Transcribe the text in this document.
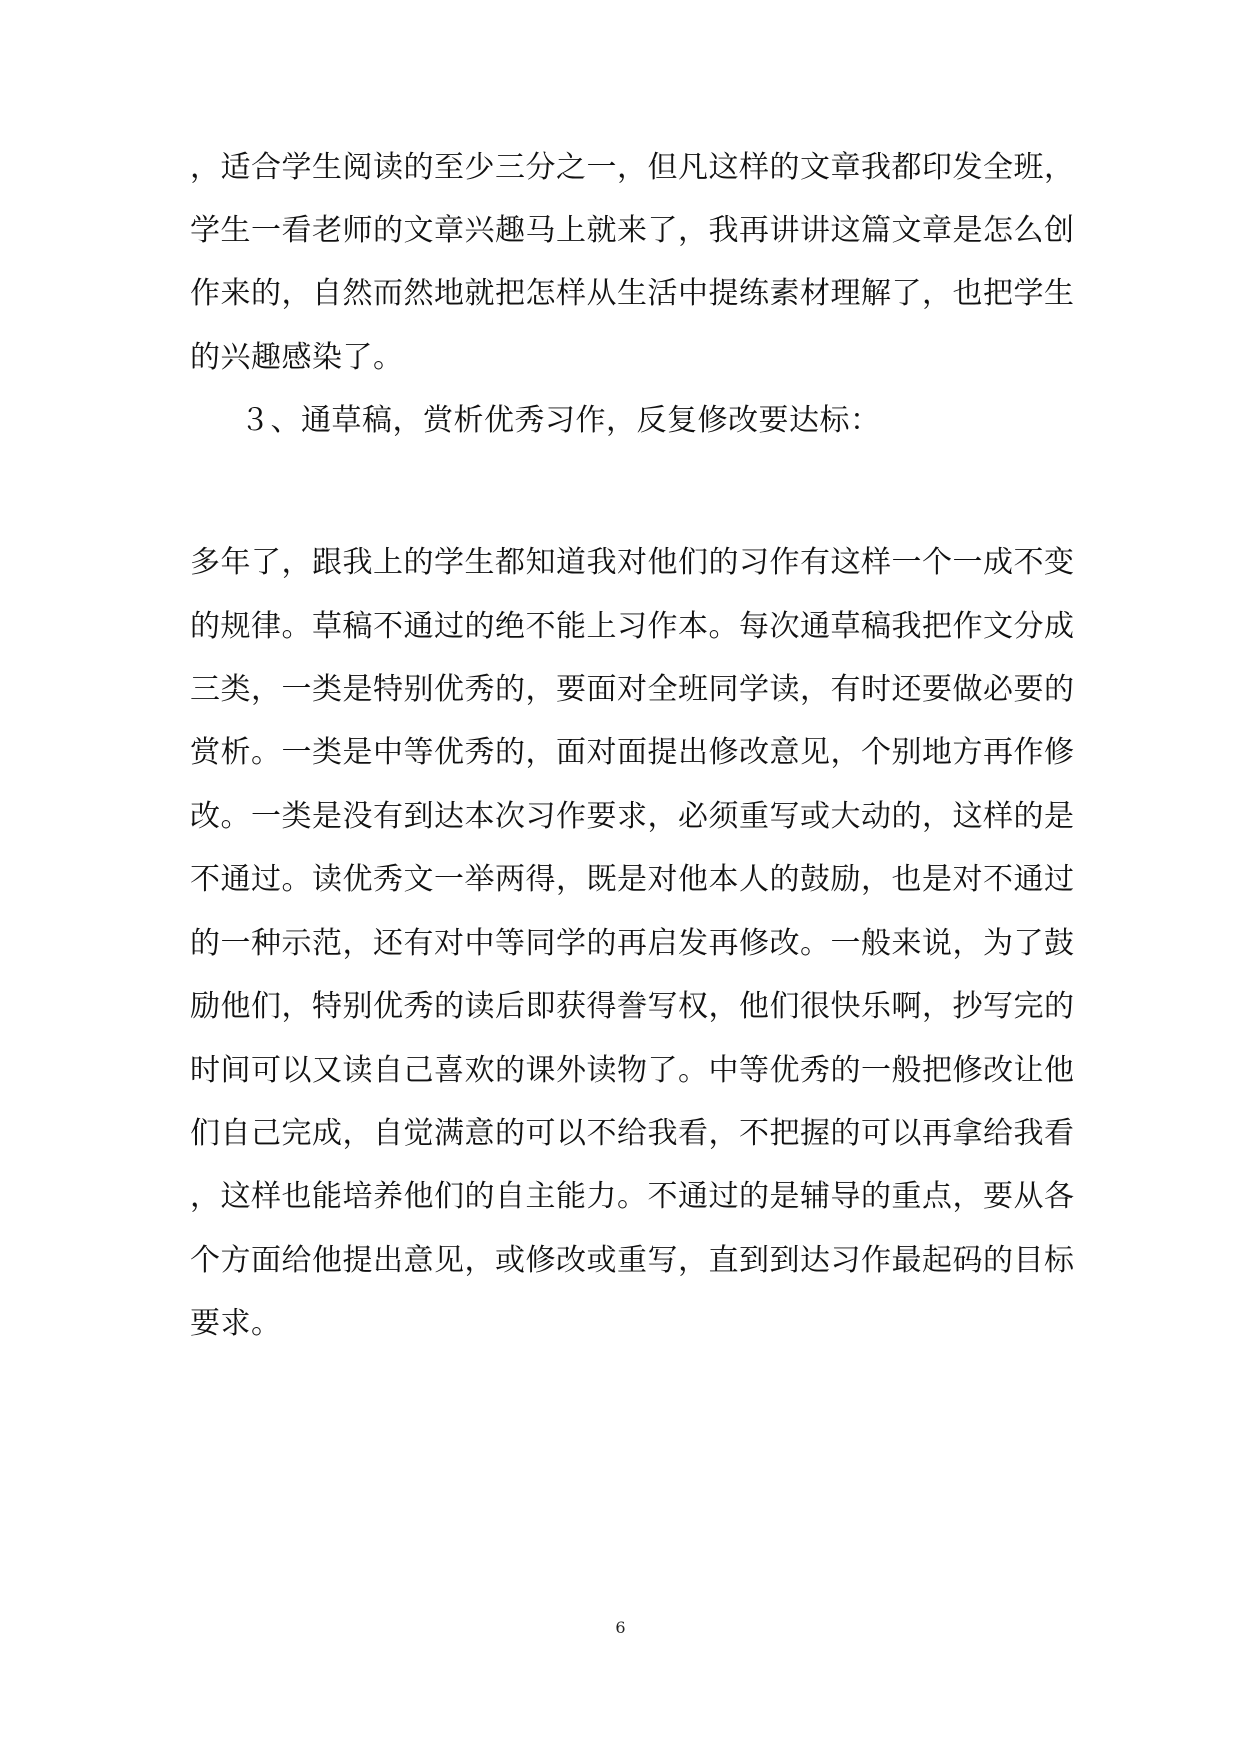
，适合学生阅读的至少三分之一，但凡这样的文章我都印发全班，
学生一看老师的文章兴趣马上就来了，我再讲讲这篇文章是怎么创
作来的，自然而然地就把怎样从生活中提练素材理解了，也把学生
的兴趣感染了。
３、通草稿，赏析优秀习作，反复修改要达标：
多年了，跟我上的学生都知道我对他们的习作有这样一个一成不变
的规律。草稿不通过的绝不能上习作本。每次通草稿我把作文分成
三类，一类是特别优秀的，要面对全班同学读，有时还要做必要的
赏析。一类是中等优秀的，面对面提出修改意见，个别地方再作修
改。一类是没有到达本次习作要求，必须重写或大动的，这样的是
不通过。读优秀文一举两得，既是对他本人的鼓励，也是对不通过
的一种示范，还有对中等同学的再启发再修改。一般来说，为了鼓
励他们，特别优秀的读后即获得誊写权，他们很快乐啊，抄写完的
时间可以又读自己喜欢的课外读物了。中等优秀的一般把修改让他
们自己完成，自觉满意的可以不给我看，不把握的可以再拿给我看
，这样也能培养他们的自主能力。不通过的是辅导的重点，要从各
个方面给他提出意见，或修改或重写，直到到达习作最起码的目标
要求。
6
